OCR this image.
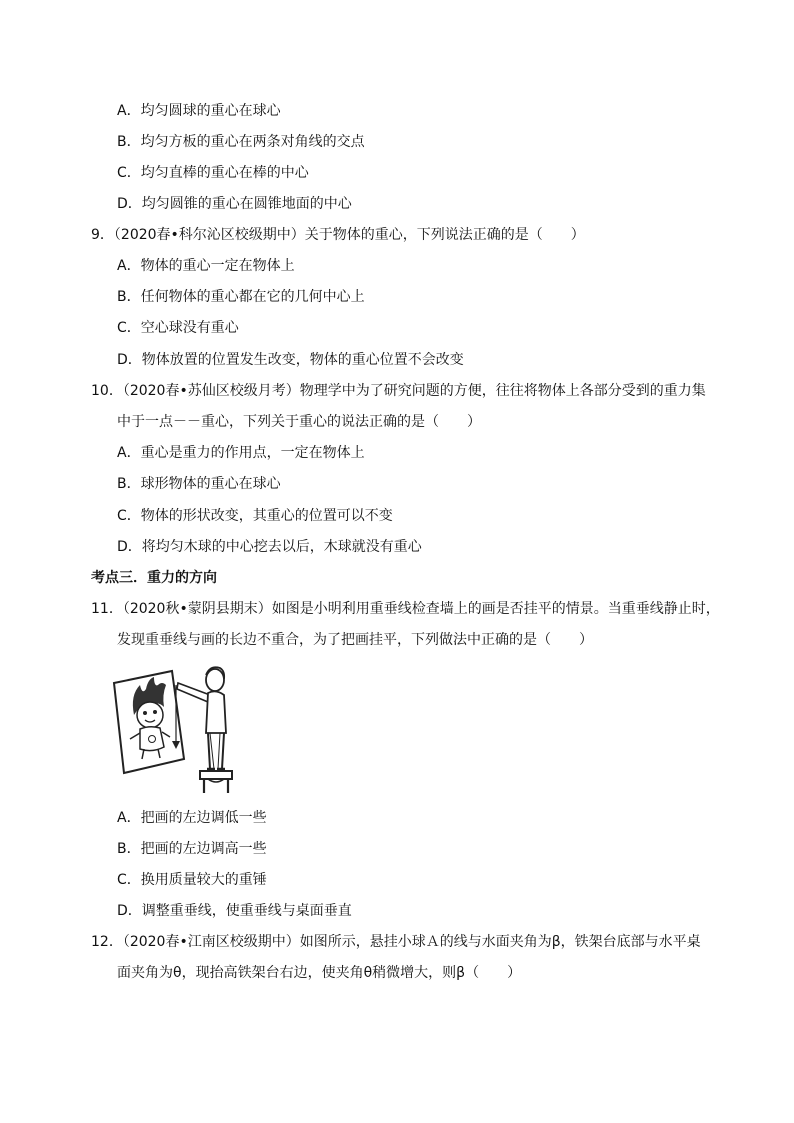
A．均匀圆球的重心在球心
B．均匀方板的重心在两条对角线的交点
C．均匀直棒的重心在棒的中心
D．均匀圆锥的重心在圆锥地面的中心
9．（2020春•科尔沁区校级期中）关于物体的重心，下列说法正确的是（　　）
A．物体的重心一定在物体上
B．任何物体的重心都在它的几何中心上
C．空心球没有重心
D．物体放置的位置发生改变，物体的重心位置不会改变
10．（2020春•苏仙区校级月考）物理学中为了研究问题的方便，往往将物体上各部分受到的重力集
中于一点－－重心，下列关于重心的说法正确的是（　　）
A．重心是重力的作用点，一定在物体上
B．球形物体的重心在球心
C．物体的形状改变，其重心的位置可以不变
D．将均匀木球的中心挖去以后，木球就没有重心
考点三．重力的方向
11．（2020秋•蒙阴县期末）如图是小明利用重垂线检查墙上的画是否挂平的情景。当重垂线静止时，
发现重垂线与画的长边不重合，为了把画挂平，下列做法中正确的是（　　）
A．把画的左边调低一些
B．把画的左边调高一些
C．换用质量较大的重锤
D．调整重垂线，使重垂线与桌面垂直
12．（2020春•江南区校级期中）如图所示，悬挂小球Ａ的线与水面夹角为β，铁架台底部与水平桌
面夹角为θ，现抬高铁架台右边，使夹角θ稍微增大，则β（　　）
